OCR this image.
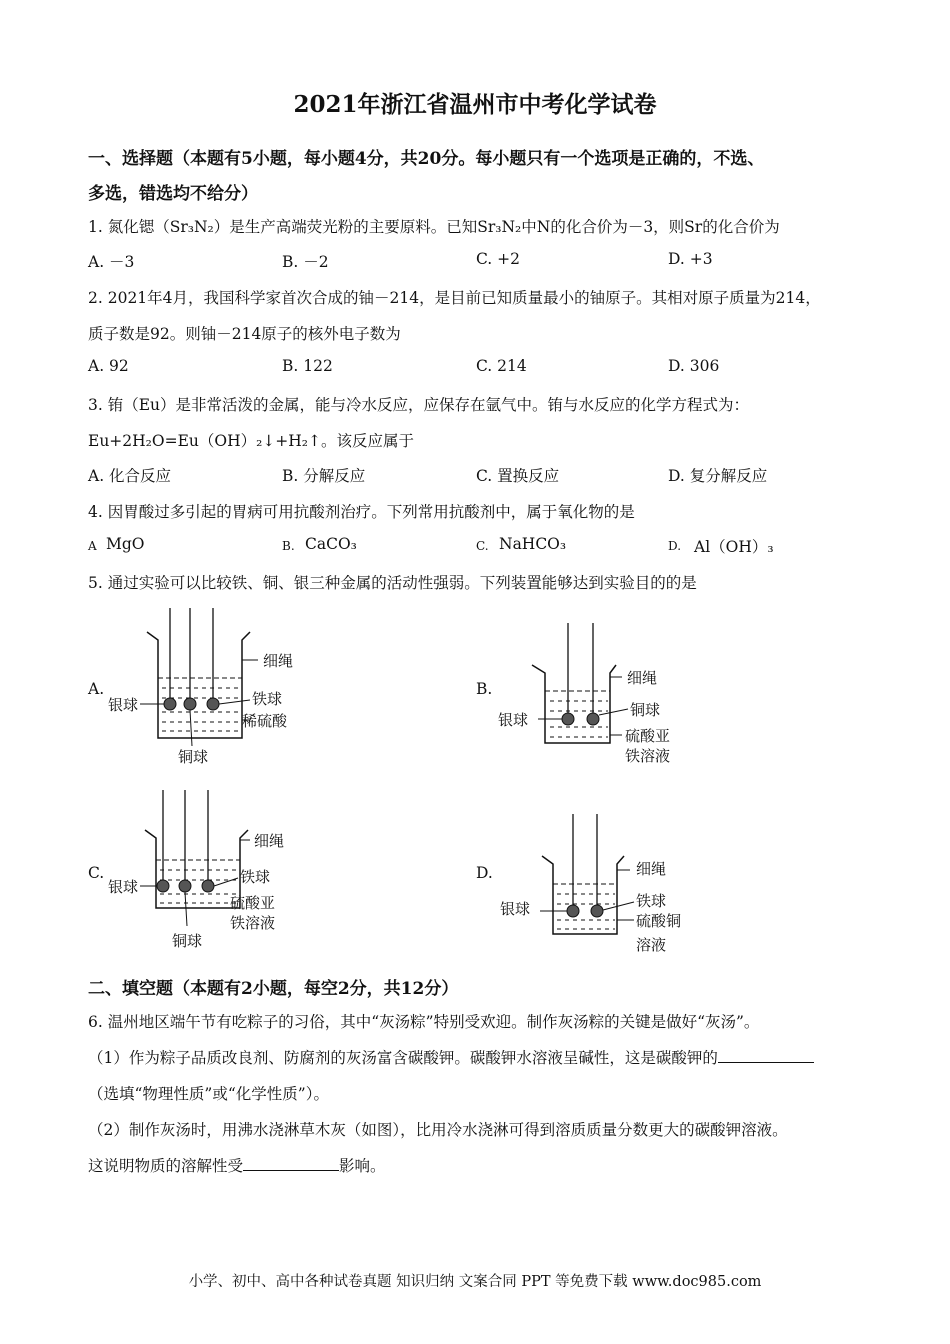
2021年浙江省温州市中考化学试卷
一、选择题（本题有5小题，每小题4分，共20分。每小题只有一个选项是正确的，不选、
多选，错选均不给分）
1. 氮化锶（Sr₃N₂）是生产高端荧光粉的主要原料。已知Sr₃N₂中N的化合价为－3，则Sr的化合价为
A. －3	B. －2	C. +2	D. +3
2. 2021年4月，我国科学家首次合成的铀－214，是目前已知质量最小的铀原子。其相对原子质量为214，
质子数是92。则铀－214原子的核外电子数为
A. 92	B. 122	C. 214	D. 306
3. 铕（Eu）是非常活泼的金属，能与冷水反应，应保存在氩气中。铕与水反应的化学方程式为：
Eu+2H₂O=Eu（OH）₂↓+H₂↑。该反应属于
A. 化合反应	B. 分解反应	C. 置换反应	D. 复分解反应
4. 因胃酸过多引起的胃病可用抗酸剂治疗。下列常用抗酸剂中，属于氧化物的是
A MgO	B. CaCO₃	C. NaHCO₃	D. Al（OH）₃
5. 通过实验可以比较铁、铜、银三种金属的活动性强弱。下列装置能够达到实验目的的是
A.
细绳
银球	铁球
稀硫酸
铜球
B.
细绳
银球
铜球
硫酸亚
铁溶液
C.
细绳
银球
铁球
硫酸亚
铁溶液
铜球
D.	细绳
银球	铁球
硫酸铜
溶液
二、填空题（本题有2小题，每空2分，共12分）
6. 温州地区端午节有吃粽子的习俗，其中“灰汤粽”特别受欢迎。制作灰汤粽的关键是做好“灰汤”。
（1）作为粽子品质改良剂、防腐剂的灰汤富含碳酸钾。碳酸钾水溶液呈碱性，这是碳酸钾的
（选填“物理性质”或“化学性质”）。
（2）制作灰汤时，用沸水浇淋草木灰（如图），比用冷水浇淋可得到溶质质量分数更大的碳酸钾溶液。
这说明物质的溶解性受	影响。
小学、初中、高中各种试卷真题 知识归纳 文案合同 PPT 等免费下载 www.doc985.com
